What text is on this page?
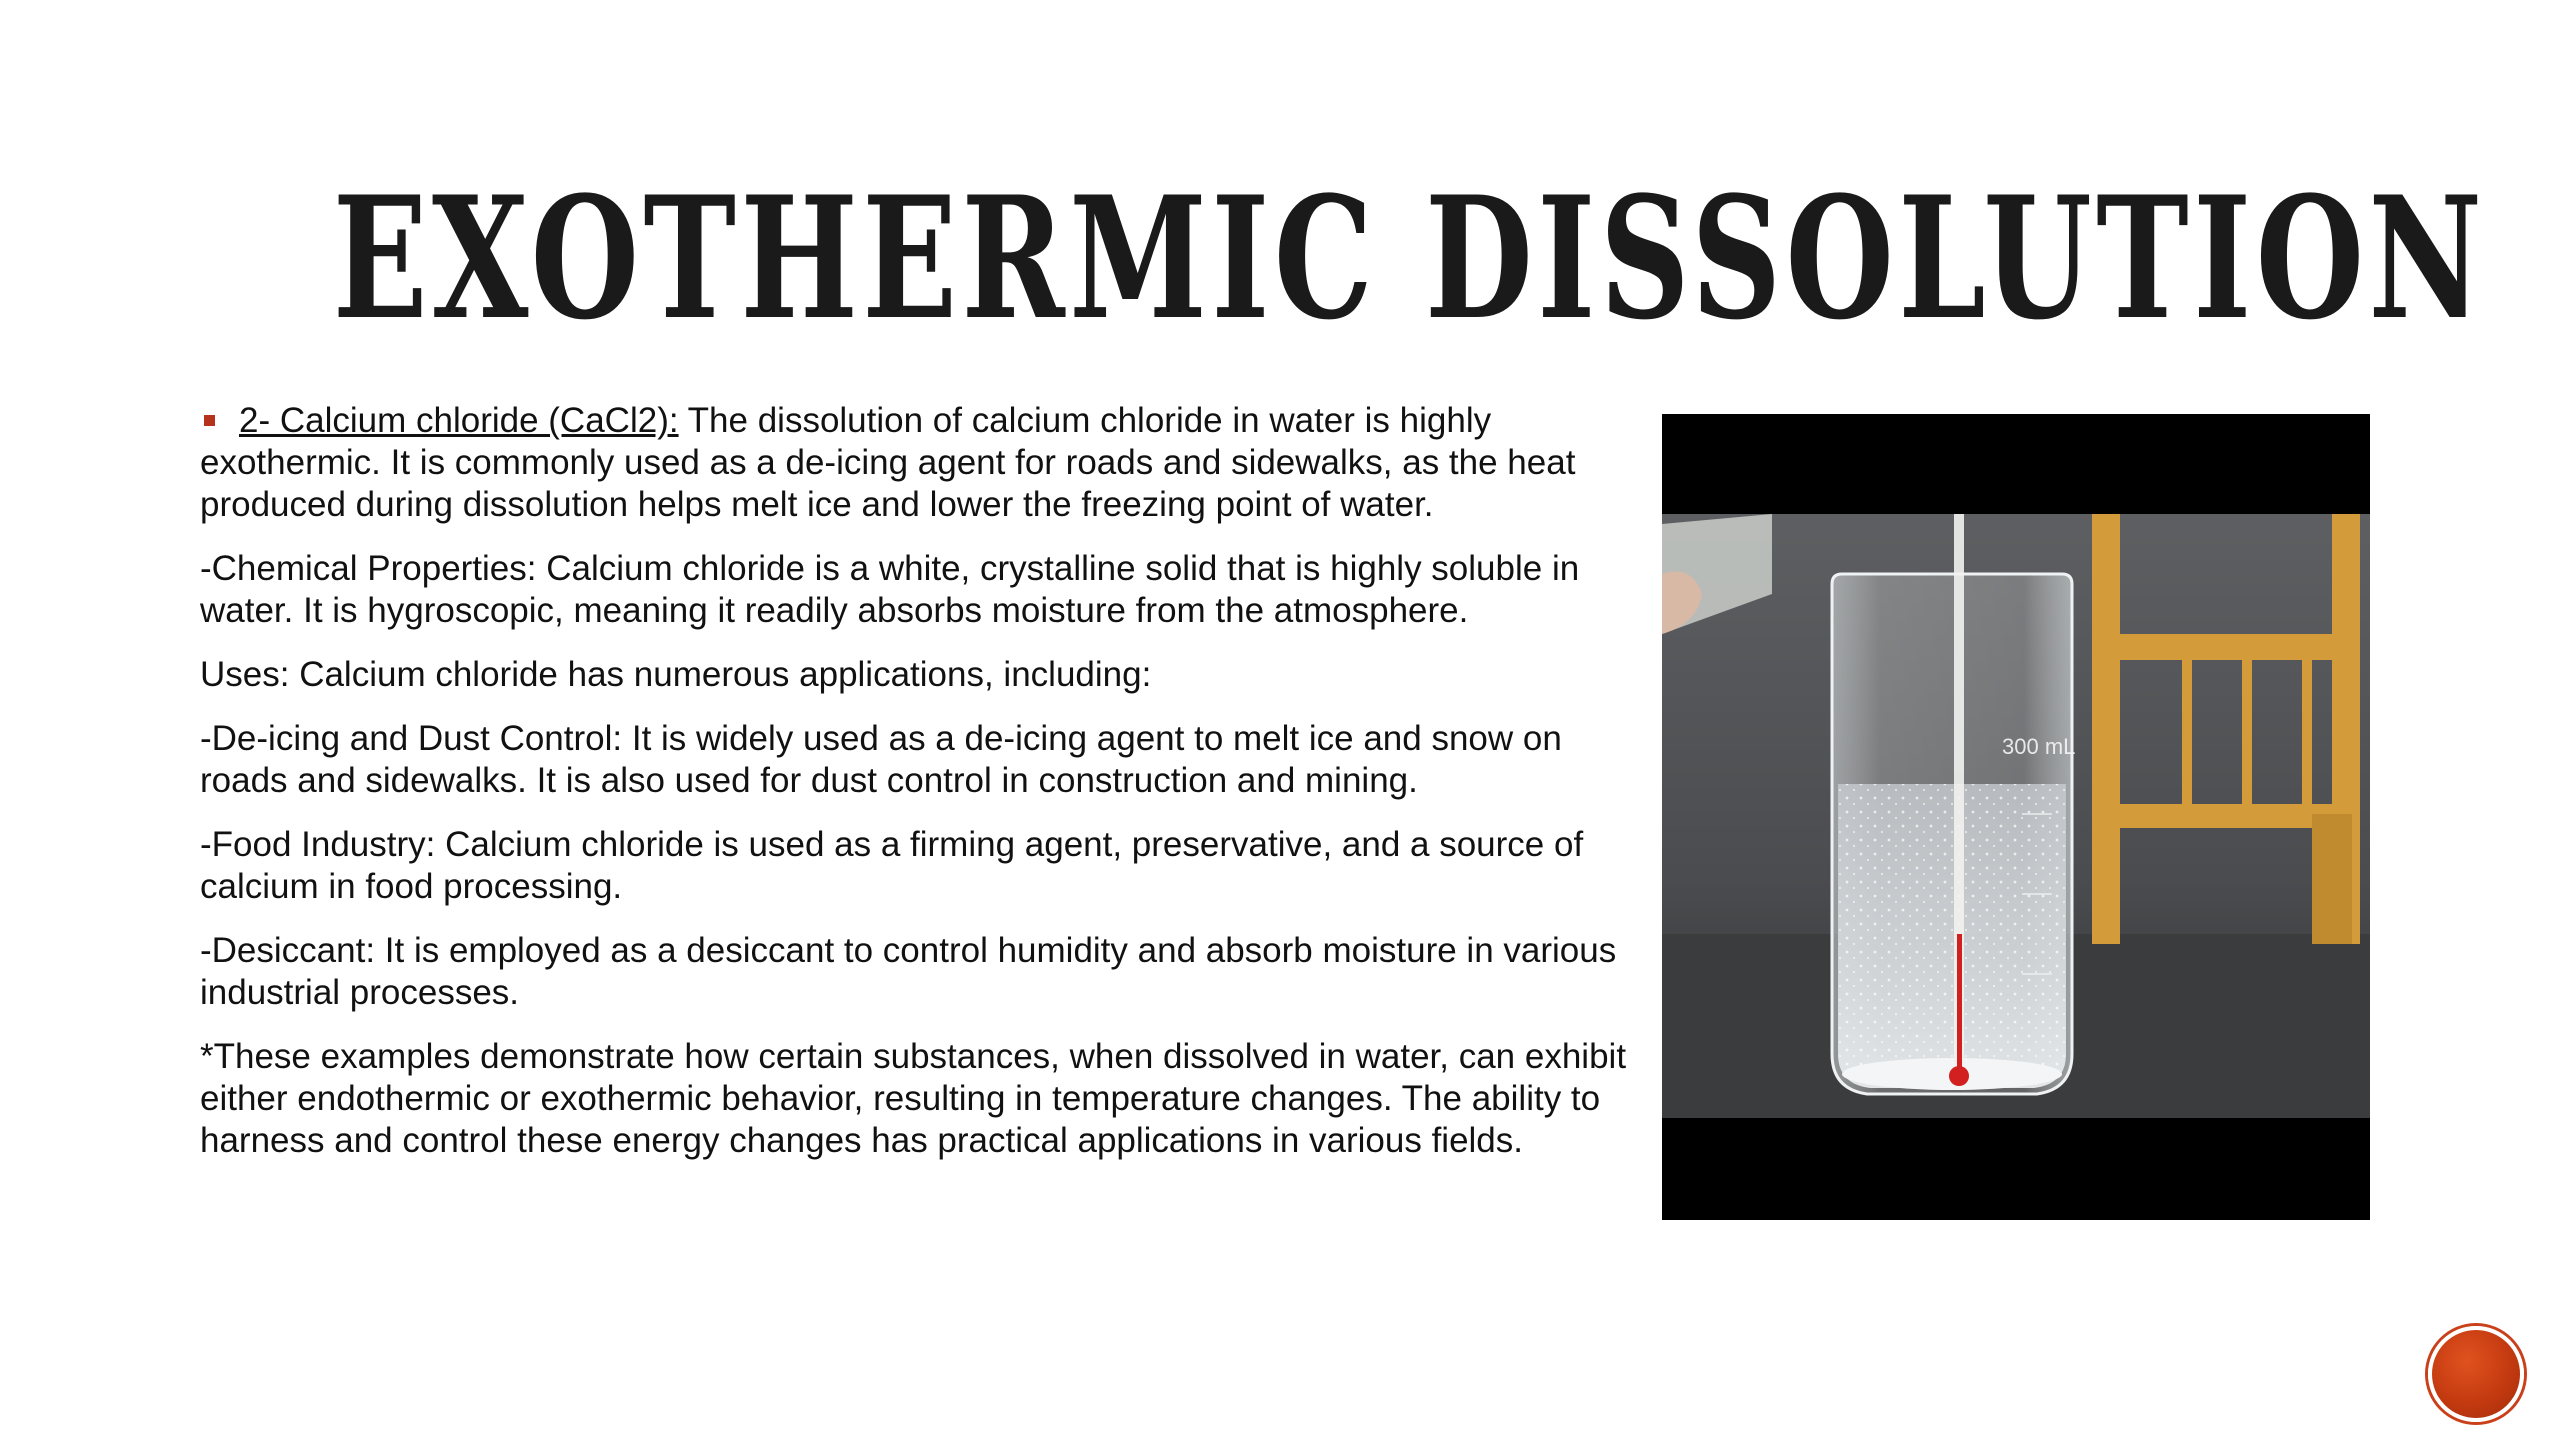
EXOTHERMIC DISSOLUTION

2- Calcium chloride (CaCl2): The dissolution of calcium chloride in water is highly exothermic. It is commonly used as a de-icing agent for roads and sidewalks, as the heat produced during dissolution helps melt ice and lower the freezing point of water.

-Chemical Properties: Calcium chloride is a white, crystalline solid that is highly soluble in water. It is hygroscopic, meaning it readily absorbs moisture from the atmosphere.

Uses: Calcium chloride has numerous applications, including:

-De-icing and Dust Control: It is widely used as a de-icing agent to melt ice and snow on roads and sidewalks. It is also used for dust control in construction and mining.

-Food Industry: Calcium chloride is used as a firming agent, preservative, and a source of calcium in food processing.

-Desiccant: It is employed as a desiccant to control humidity and absorb moisture in various industrial processes.

*These examples demonstrate how certain substances, when dissolved in water, can exhibit either endothermic or exothermic behavior, resulting in temperature changes. The ability to harness and control these energy changes has practical applications in various fields.

300 mL
